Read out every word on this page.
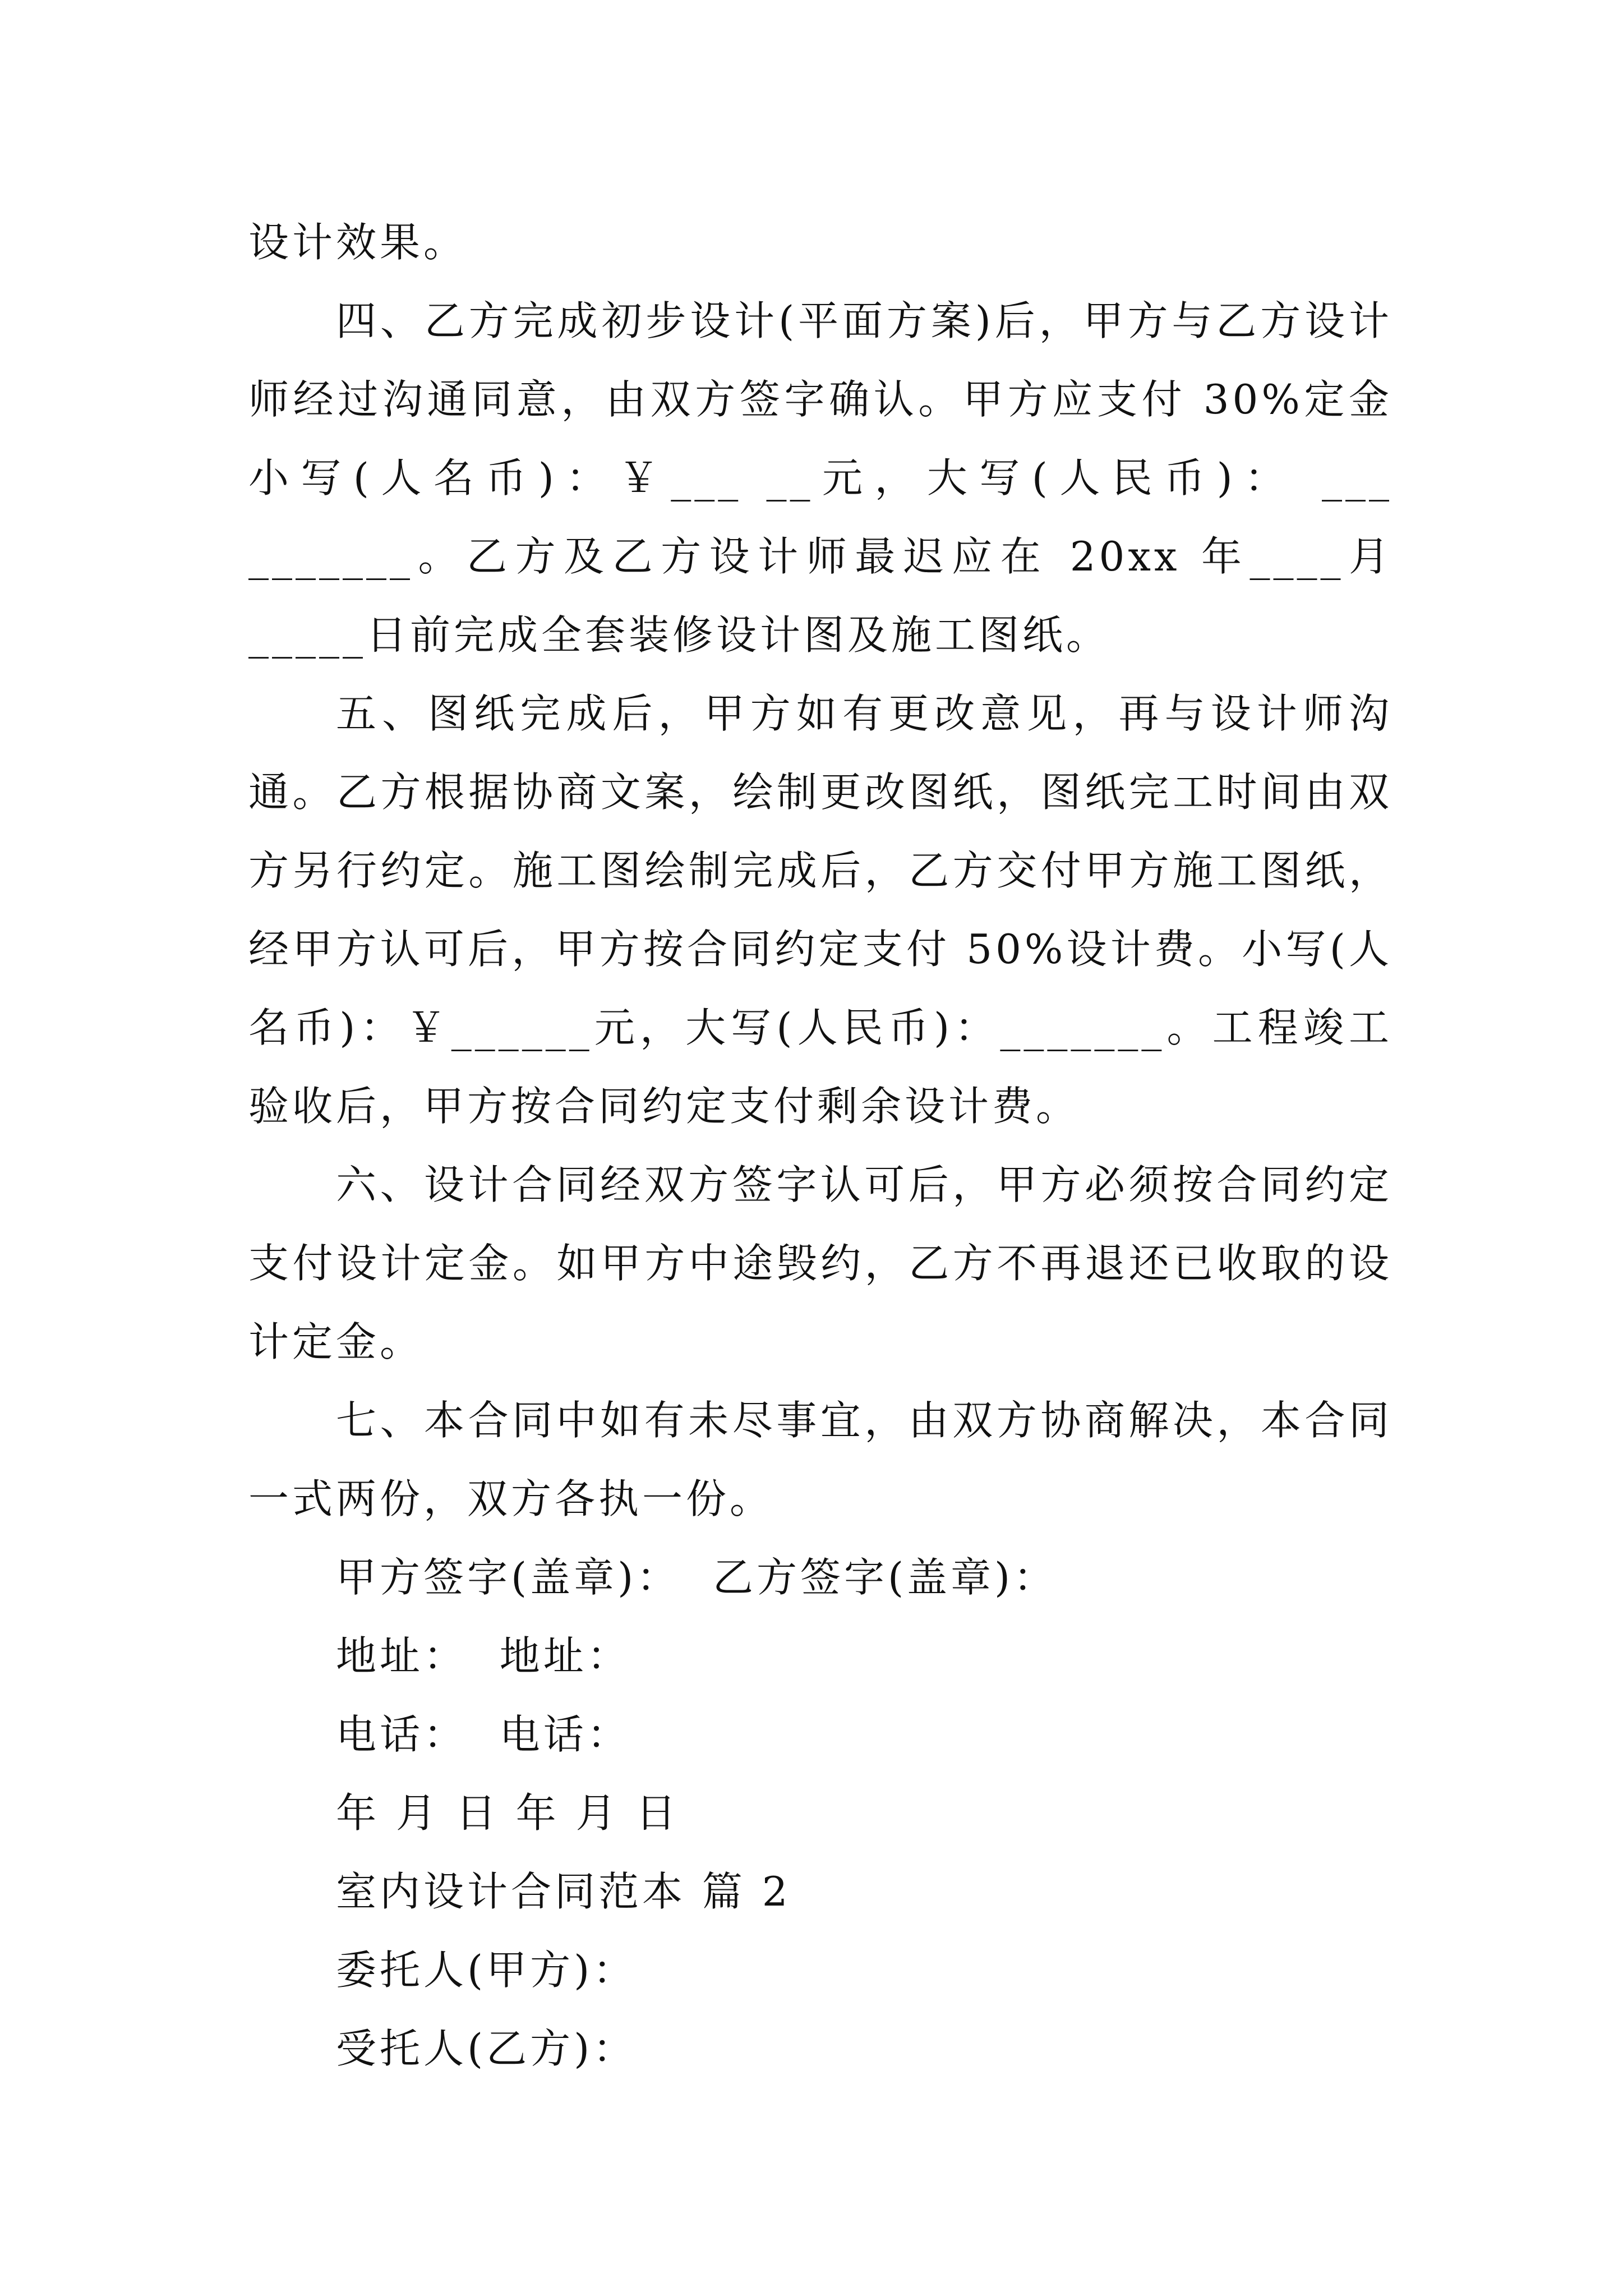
设计效果。

四、乙方完成初步设计(平面方案)后，甲方与乙方设计师经过沟通同意，由双方签字确认。甲方应支付 30%定金小写(人名币)：￥___ __元，大写(人民币)： ___ _______。乙方及乙方设计师最迟应在 20xx 年____月_____日前完成全套装修设计图及施工图纸。

五、图纸完成后，甲方如有更改意见，再与设计师沟通。乙方根据协商文案，绘制更改图纸，图纸完工时间由双方另行约定。施工图绘制完成后，乙方交付甲方施工图纸，经甲方认可后，甲方按合同约定支付 50%设计费。小写(人名币)：￥______元，大写(人民币)：_______。工程竣工验收后，甲方按合同约定支付剩余设计费。

六、设计合同经双方签字认可后，甲方必须按合同约定支付设计定金。如甲方中途毁约，乙方不再退还已收取的设计定金。

七、本合同中如有未尽事宜，由双方协商解决，本合同一式两份，双方各执一份。

甲方签字(盖章)： 乙方签字(盖章)：

地址： 地址：

电话： 电话：

年 月 日 年 月 日

室内设计合同范本 篇 2

委托人(甲方)：

受托人(乙方)：
